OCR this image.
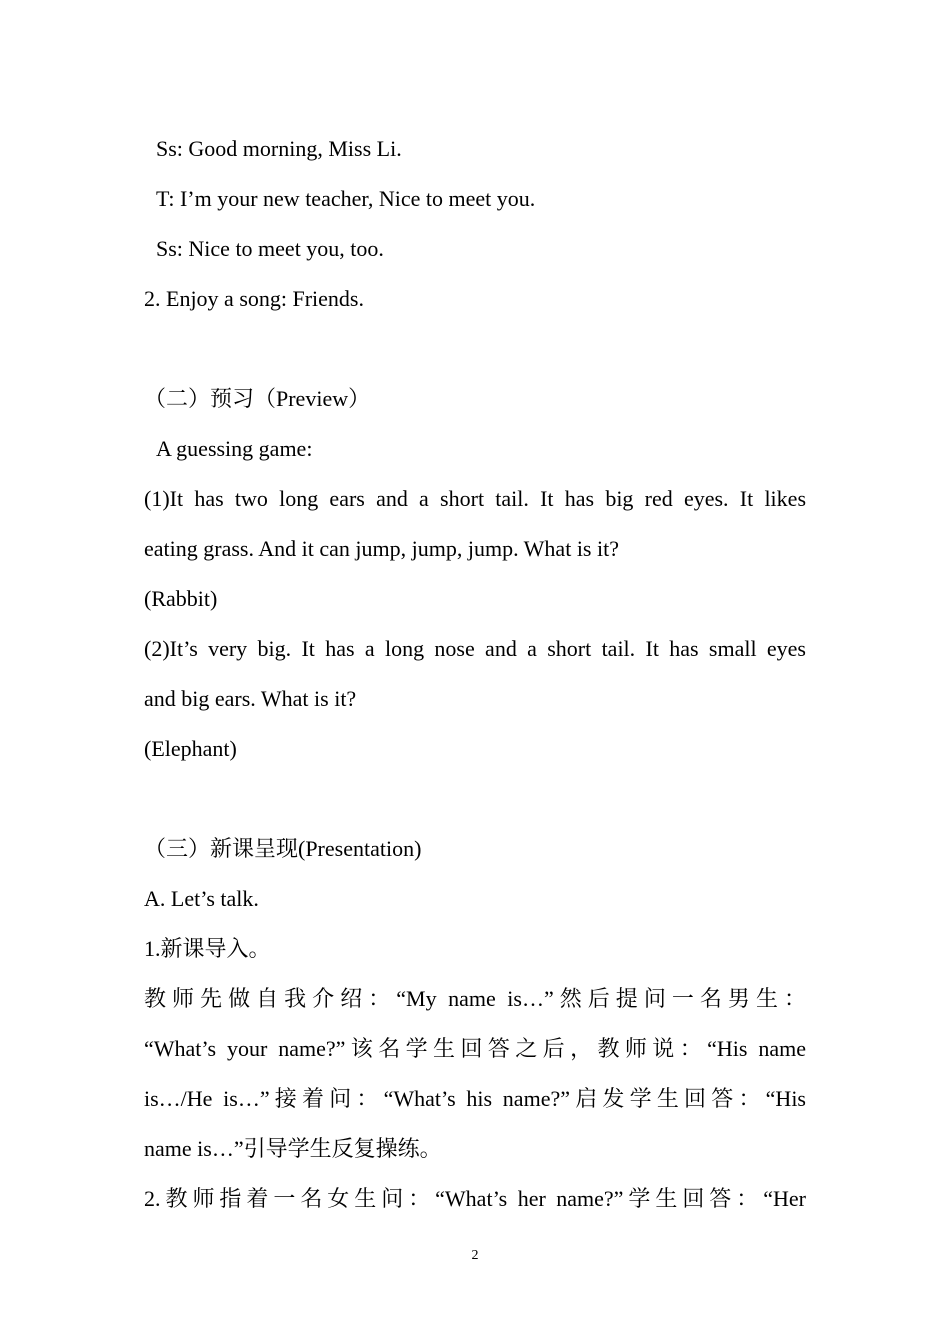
Ss: Good morning, Miss Li.
T: I’m your new teacher, Nice to meet you.
Ss: Nice to meet you, too.
2. Enjoy a song: Friends.
（二）预习（Preview）
A guessing game:
(1)It has two long ears and a short tail. It has big red eyes. It likes
eating grass. And it can jump, jump, jump. What is it?
(Rabbit)
(2)It’s very big. It has a long nose and a short tail. It has small eyes
and big ears. What is it?
(Elephant)
（三）新课呈现(Presentation)
A. Let’s talk.
1.新课导入。
教师先做自我介绍：“My name is…”然后提问一名男生：
“What’s your name?”该名学生回答之后，教师说：“His name
is…/He is…”接着问：“What’s his name?”启发学生回答：“His
name is…”引导学生反复操练。
2.教师指着一名女生问：“What’s her name?”学生回答：“Her
2
